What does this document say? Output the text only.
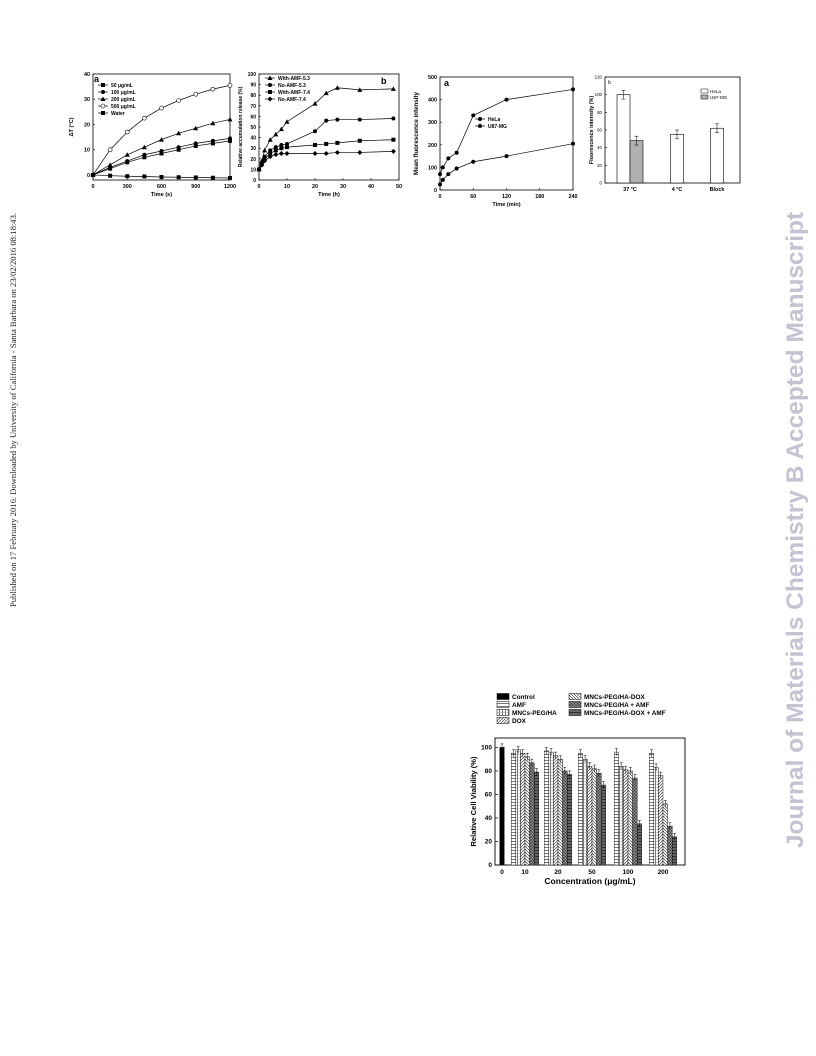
Published on 17 February 2016. Downloaded by University of California - Santa Barbara on 23/02/2016 08:18:43.	Journal of Materials Chemistry B Accepted Manuscript
0	300	600	900	1200
0
10
20
30
40
Time (s)
ΔT (°C)
a
50 μg/mL
100 μg/mL
200 μg/mL
500 μg/mL
Water
0	10	20	30	40	50
0
10
20
30
40
50
60
70
80
90
100
Time (h)
Relative accumulation release (%)
b
With-AMF-5.3
No-AMF-5.3
With-AMF-7.4
No-AMF-7.4
0	60	120	180	240
0
100
200
300
400
500
Time (min)
Mean fluorescence intensity
a
HeLa
U87-MG
0
20
40
60
80
100
120
Fluorescence intensity (%)
b
37 °C	4 °C	Block
HeLa
U87-MG
0
20
40
60
80
100
Relative Cell Viability (%)
Concentration (μg/mL)
0	10	20	50	100	200
Control
AMF
MNCs-PEG/HA
DOX
MNCs-PEG/HA-DOX
MNCs-PEG/HA + AMF
MNCs-PEG/HA-DOX + AMF
